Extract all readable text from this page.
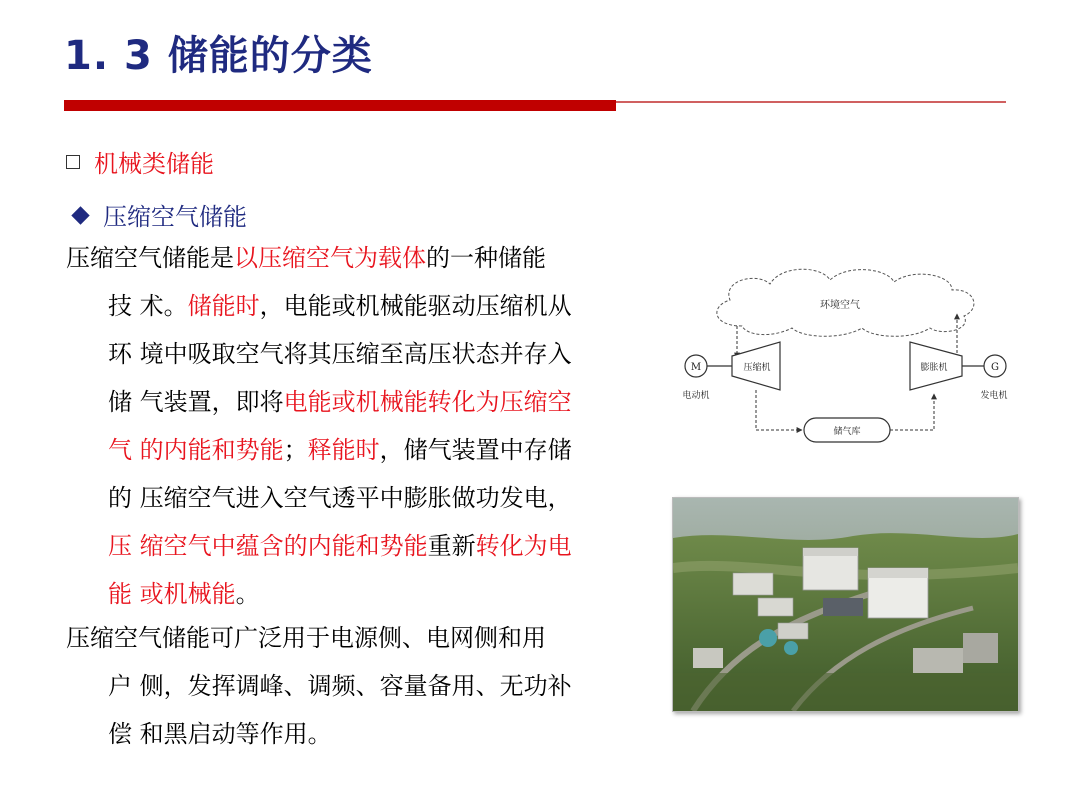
1. 3 储能的分类
机械类储能
压缩空气储能
压缩空气储能是以压缩空气为载体的一种储能
技 术。储能时，电能或机械能驱动压缩机从
环 境中吸取空气将其压缩至高压状态并存入
储 气装置，即将电能或机械能转化为压缩空
气 的内能和势能；释能时，储气装置中存储
的 压缩空气进入空气透平中膨胀做功发电，
压 缩空气中蕴含的内能和势能重新转化为电
能 或机械能。
压缩空气储能可广泛用于电源侧、电网侧和用
户 侧，发挥调峰、调频、容量备用、无功补
偿 和黑启动等作用。
环境空气
M
电动机
压缩机	膨胀机	G
发电机
储气库
